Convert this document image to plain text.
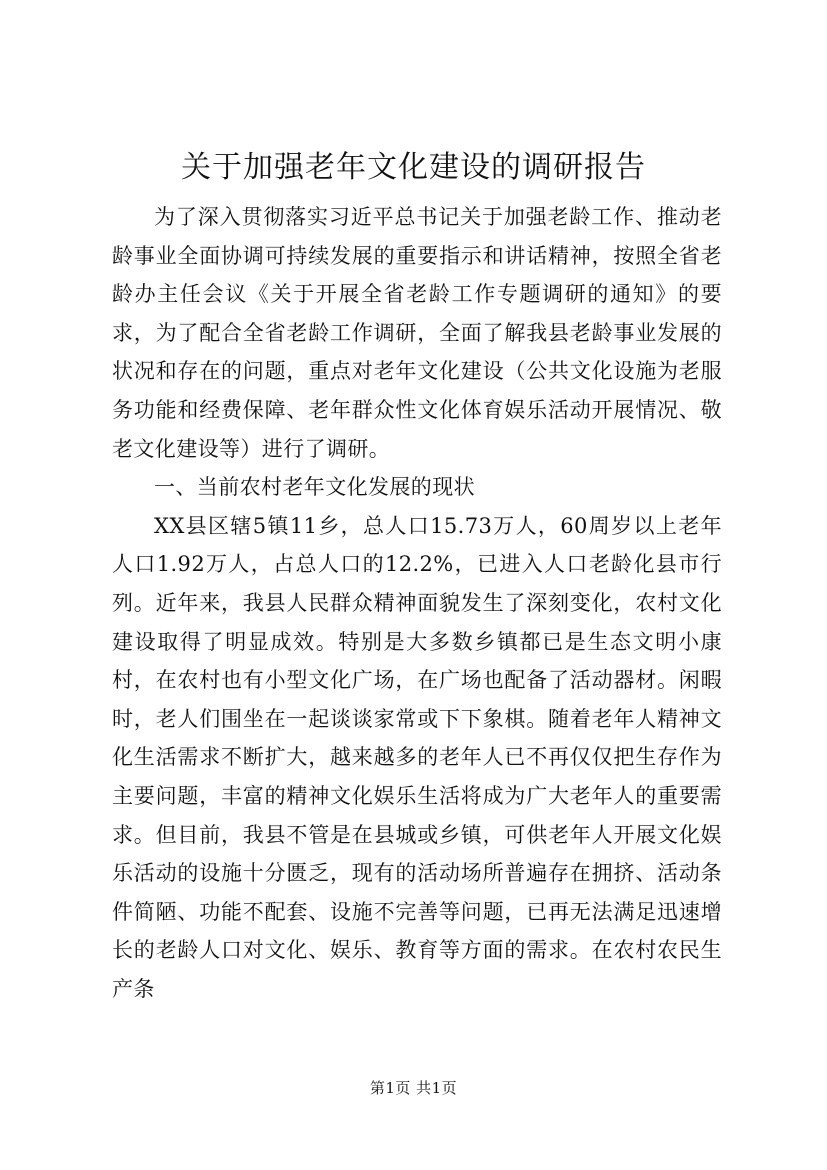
关于加强老年文化建设的调研报告

为了深入贯彻落实习近平总书记关于加强老龄工作、推动老龄事业全面协调可持续发展的重要指示和讲话精神，按照全省老龄办主任会议《关于开展全省老龄工作专题调研的通知》的要求，为了配合全省老龄工作调研，全面了解我县老龄事业发展的状况和存在的问题，重点对老年文化建设（公共文化设施为老服务功能和经费保障、老年群众性文化体育娱乐活动开展情况、敬老文化建设等）进行了调研。

一、当前农村老年文化发展的现状

XX县区辖5镇11乡，总人口15.73万人，60周岁以上老年人口1.92万人，占总人口的12.2%，已进入人口老龄化县市行列。近年来，我县人民群众精神面貌发生了深刻变化，农村文化建设取得了明显成效。特别是大多数乡镇都已是生态文明小康村，在农村也有小型文化广场，在广场也配备了活动器材。闲暇时，老人们围坐在一起谈谈家常或下下象棋。随着老年人精神文化生活需求不断扩大，越来越多的老年人已不再仅仅把生存作为主要问题，丰富的精神文化娱乐生活将成为广大老年人的重要需求。但目前，我县不管是在县城或乡镇，可供老年人开展文化娱乐活动的设施十分匮乏，现有的活动场所普遍存在拥挤、活动条件简陋、功能不配套、设施不完善等问题，已再无法满足迅速增长的老龄人口对文化、娱乐、教育等方面的需求。在农村农民生产条

第1页 共1页
